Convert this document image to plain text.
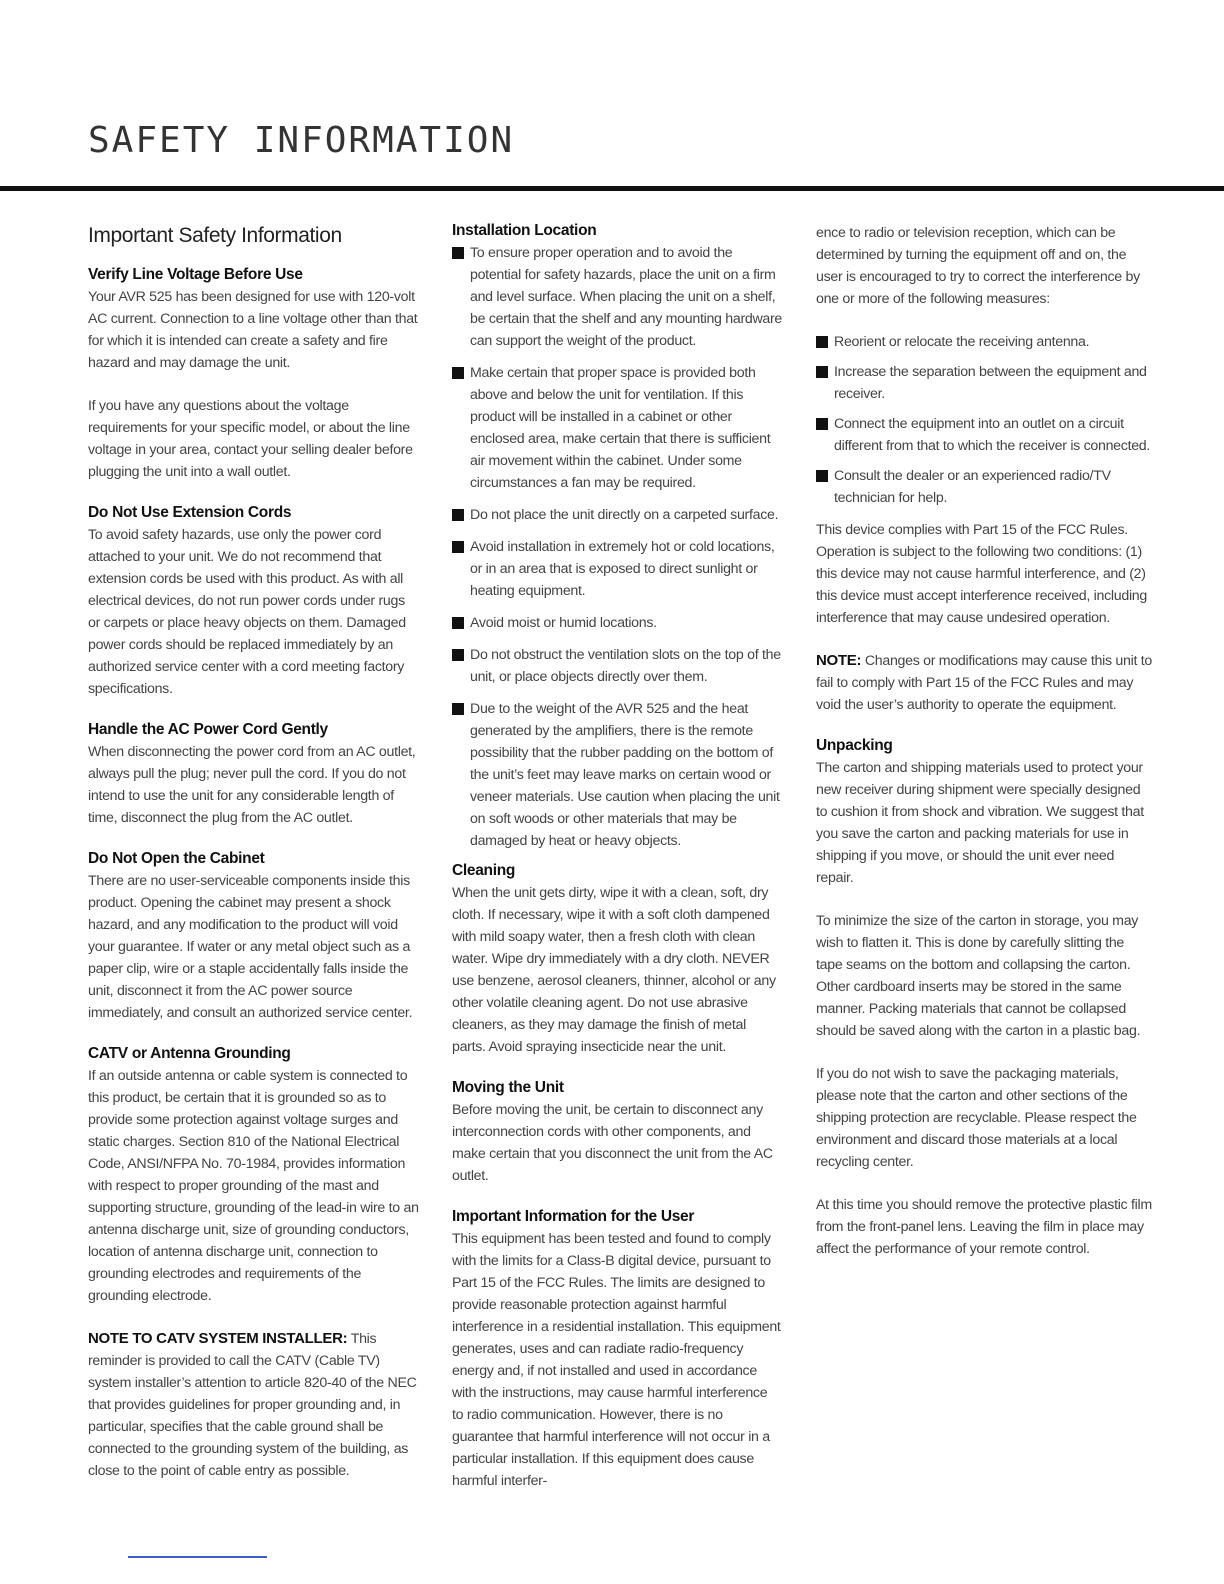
SAFETY INFORMATION
Important Safety Information
Verify Line Voltage Before Use

Your AVR 525 has been designed for use with 120-volt AC current. Connection to a line voltage other than that for which it is intended can create a safety and fire hazard and may damage the unit.

If you have any questions about the voltage requirements for your specific model, or about the line voltage in your area, contact your selling dealer before plugging the unit into a wall outlet.

Do Not Use Extension Cords

To avoid safety hazards, use only the power cord attached to your unit. We do not recommend that extension cords be used with this product. As with all electrical devices, do not run power cords under rugs or carpets or place heavy objects on them. Damaged power cords should be replaced immediately by an authorized service center with a cord meeting factory specifications.

Handle the AC Power Cord Gently

When disconnecting the power cord from an AC outlet, always pull the plug; never pull the cord. If you do not intend to use the unit for any considerable length of time, disconnect the plug from the AC outlet.

Do Not Open the Cabinet

There are no user-serviceable components inside this product. Opening the cabinet may present a shock hazard, and any modification to the product will void your guarantee. If water or any metal object such as a paper clip, wire or a staple accidentally falls inside the unit, disconnect it from the AC power source immediately, and consult an authorized service center.

CATV or Antenna Grounding

If an outside antenna or cable system is connected to this product, be certain that it is grounded so as to provide some protection against voltage surges and static charges. Section 810 of the National Electrical Code, ANSI/NFPA No. 70-1984, provides information with respect to proper grounding of the mast and supporting structure, grounding of the lead-in wire to an antenna discharge unit, size of grounding conductors, location of antenna discharge unit, connection to grounding electrodes and requirements of the grounding electrode.

NOTE TO CATV SYSTEM INSTALLER: This reminder is provided to call the CATV (Cable TV) system installer’s attention to article 820-40 of the NEC that provides guidelines for proper grounding and, in particular, specifies that the cable ground shall be connected to the grounding system of the building, as close to the point of cable entry as possible.

Installation Location
To ensure proper operation and to avoid the potential for safety hazards, place the unit on a firm and level surface. When placing the unit on a shelf, be certain that the shelf and any mounting hardware can support the weight of the product.
Make certain that proper space is provided both above and below the unit for ventilation. If this product will be installed in a cabinet or other enclosed area, make certain that there is sufficient air movement within the cabinet. Under some circumstances a fan may be required.
Do not place the unit directly on a carpeted surface.
Avoid installation in extremely hot or cold locations, or in an area that is exposed to direct sunlight or heating equipment.
Avoid moist or humid locations.
Do not obstruct the ventilation slots on the top of the unit, or place objects directly over them.
Due to the weight of the AVR 525 and the heat generated by the amplifiers, there is the remote possibility that the rubber padding on the bottom of the unit’s feet may leave marks on certain wood or veneer materials. Use caution when placing the unit on soft woods or other materials that may be damaged by heat or heavy objects.
Cleaning

When the unit gets dirty, wipe it with a clean, soft, dry cloth. If necessary, wipe it with a soft cloth dampened with mild soapy water, then a fresh cloth with clean water. Wipe dry immediately with a dry cloth. NEVER use benzene, aerosol cleaners, thinner, alcohol or any other volatile cleaning agent. Do not use abrasive cleaners, as they may damage the finish of metal parts. Avoid spraying insecticide near the unit.

Moving the Unit

Before moving the unit, be certain to disconnect any interconnection cords with other components, and make certain that you disconnect the unit from the AC outlet.

Important Information for the User

This equipment has been tested and found to comply with the limits for a Class-B digital device, pursuant to Part 15 of the FCC Rules. The limits are designed to provide reasonable protection against harmful interference in a residential installation. This equipment generates, uses and can radiate radio-frequency energy and, if not installed and used in accordance with the instructions, may cause harmful interference to radio communication. However, there is no guarantee that harmful interference will not occur in a particular installation. If this equipment does cause harmful interfer-

ence to radio or television reception, which can be determined by turning the equipment off and on, the user is encouraged to try to correct the interference by one or more of the following measures:

Reorient or relocate the receiving antenna.
Increase the separation between the equipment and receiver.
Connect the equipment into an outlet on a circuit different from that to which the receiver is connected.
Consult the dealer or an experienced radio/TV technician for help.

This device complies with Part 15 of the FCC Rules. Operation is subject to the following two conditions: (1) this device may not cause harmful interference, and (2) this device must accept interference received, including interference that may cause undesired operation.

NOTE: Changes or modifications may cause this unit to fail to comply with Part 15 of the FCC Rules and may void the user’s authority to operate the equipment.

Unpacking

The carton and shipping materials used to protect your new receiver during shipment were specially designed to cushion it from shock and vibration. We suggest that you save the carton and packing materials for use in shipping if you move, or should the unit ever need repair.

To minimize the size of the carton in storage, you may wish to flatten it. This is done by carefully slitting the tape seams on the bottom and collapsing the carton. Other cardboard inserts may be stored in the same manner. Packing materials that cannot be collapsed should be saved along with the carton in a plastic bag.

If you do not wish to save the packaging materials, please note that the carton and other sections of the shipping protection are recyclable. Please respect the environment and discard those materials at a local recycling center.

At this time you should remove the protective plastic film from the front-panel lens. Leaving the film in place may affect the performance of your remote control.
